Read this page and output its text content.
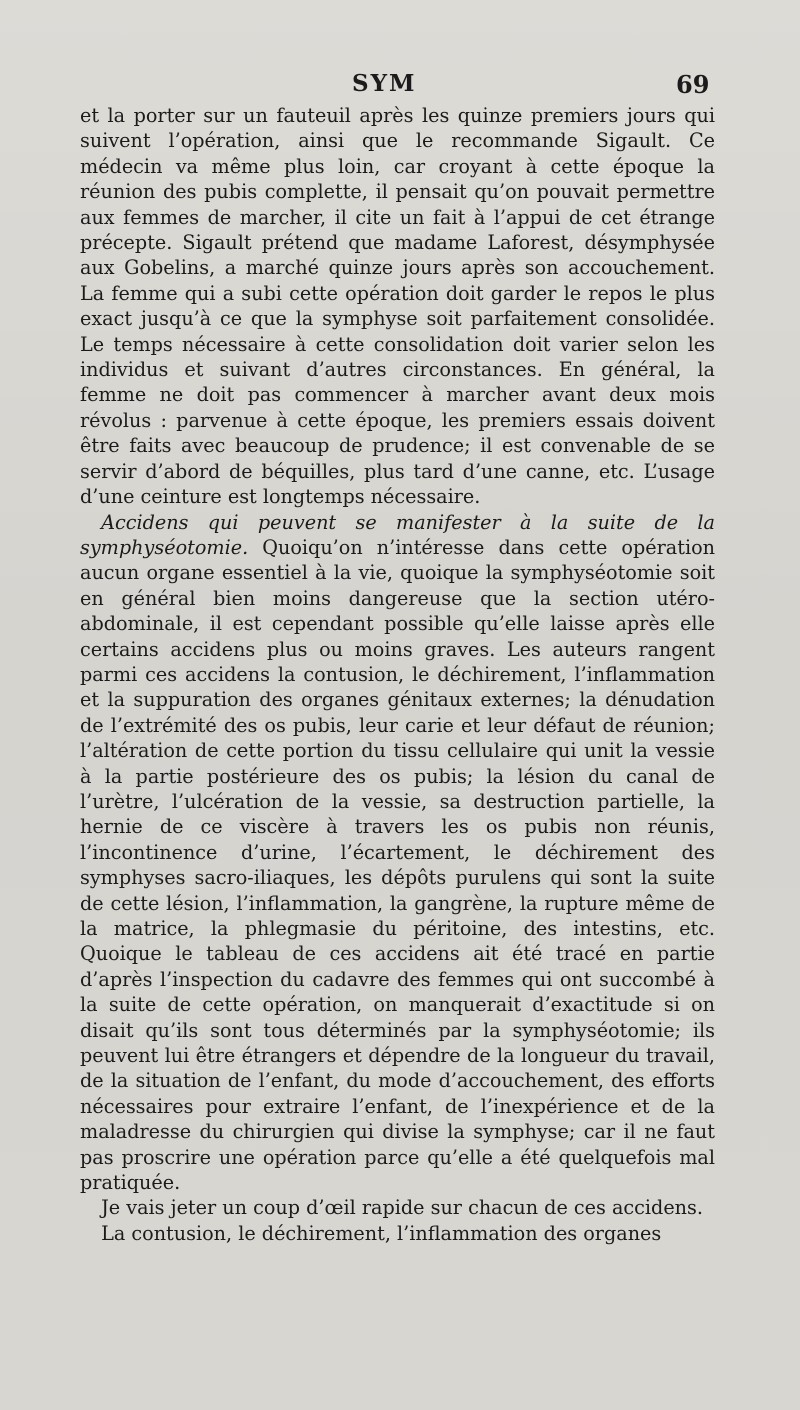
SYM	69

et la porter sur un fauteuil après les quinze premiers jours qui suivent l’opération, ainsi que le recommande Sigault. Ce médecin va même plus loin, car croyant à cette époque la réunion des pubis complette, il pensait qu’on pouvait permettre aux femmes de marcher, il cite un fait à l’appui de cet étrange précepte. Sigault prétend que madame Laforest, désymphysée aux Gobelins, a marché quinze jours après son accouchement. La femme qui a subi cette opération doit garder le repos le plus exact jusqu’à ce que la symphyse soit parfaitement consolidée. Le temps nécessaire à cette consolidation doit varier selon les individus et suivant d’autres circonstances. En général, la femme ne doit pas commencer à marcher avant deux mois révolus : parvenue à cette époque, les premiers essais doivent être faits avec beaucoup de prudence; il est convenable de se servir d’abord de béquilles, plus tard d’une canne, etc. L’usage d’une ceinture est longtemps nécessaire.

Accidens qui peuvent se manifester à la suite de la symphyséotomie. Quoiqu’on n’intéresse dans cette opération aucun organe essentiel à la vie, quoique la symphyséotomie soit en général bien moins dangereuse que la section utéro-abdominale, il est cependant possible qu’elle laisse après elle certains accidens plus ou moins graves. Les auteurs rangent parmi ces accidens la contusion, le déchirement, l’inflammation et la suppuration des organes génitaux externes; la dénudation de l’extrémité des os pubis, leur carie et leur défaut de réunion; l’altération de cette portion du tissu cellulaire qui unit la vessie à la partie postérieure des os pubis; la lésion du canal de l’urètre, l’ulcération de la vessie, sa destruction partielle, la hernie de ce viscère à travers les os pubis non réunis, l’incontinence d’urine, l’écartement, le déchirement des symphyses sacro-iliaques, les dépôts purulens qui sont la suite de cette lésion, l’inflammation, la gangrène, la rupture même de la matrice, la phlegmasie du péritoine, des intestins, etc. Quoique le tableau de ces accidens ait été tracé en partie d’après l’inspection du cadavre des femmes qui ont succombé à la suite de cette opération, on manquerait d’exactitude si on disait qu’ils sont tous déterminés par la symphyséotomie; ils peuvent lui être étrangers et dépendre de la longueur du travail, de la situation de l’enfant, du mode d’accouchement, des efforts nécessaires pour extraire l’enfant, de l’inexpérience et de la maladresse du chirurgien qui divise la symphyse; car il ne faut pas proscrire une opération parce qu’elle a été quelquefois mal pratiquée.

Je vais jeter un coup d’œil rapide sur chacun de ces accidens.

La contusion, le déchirement, l’inflammation des organes
